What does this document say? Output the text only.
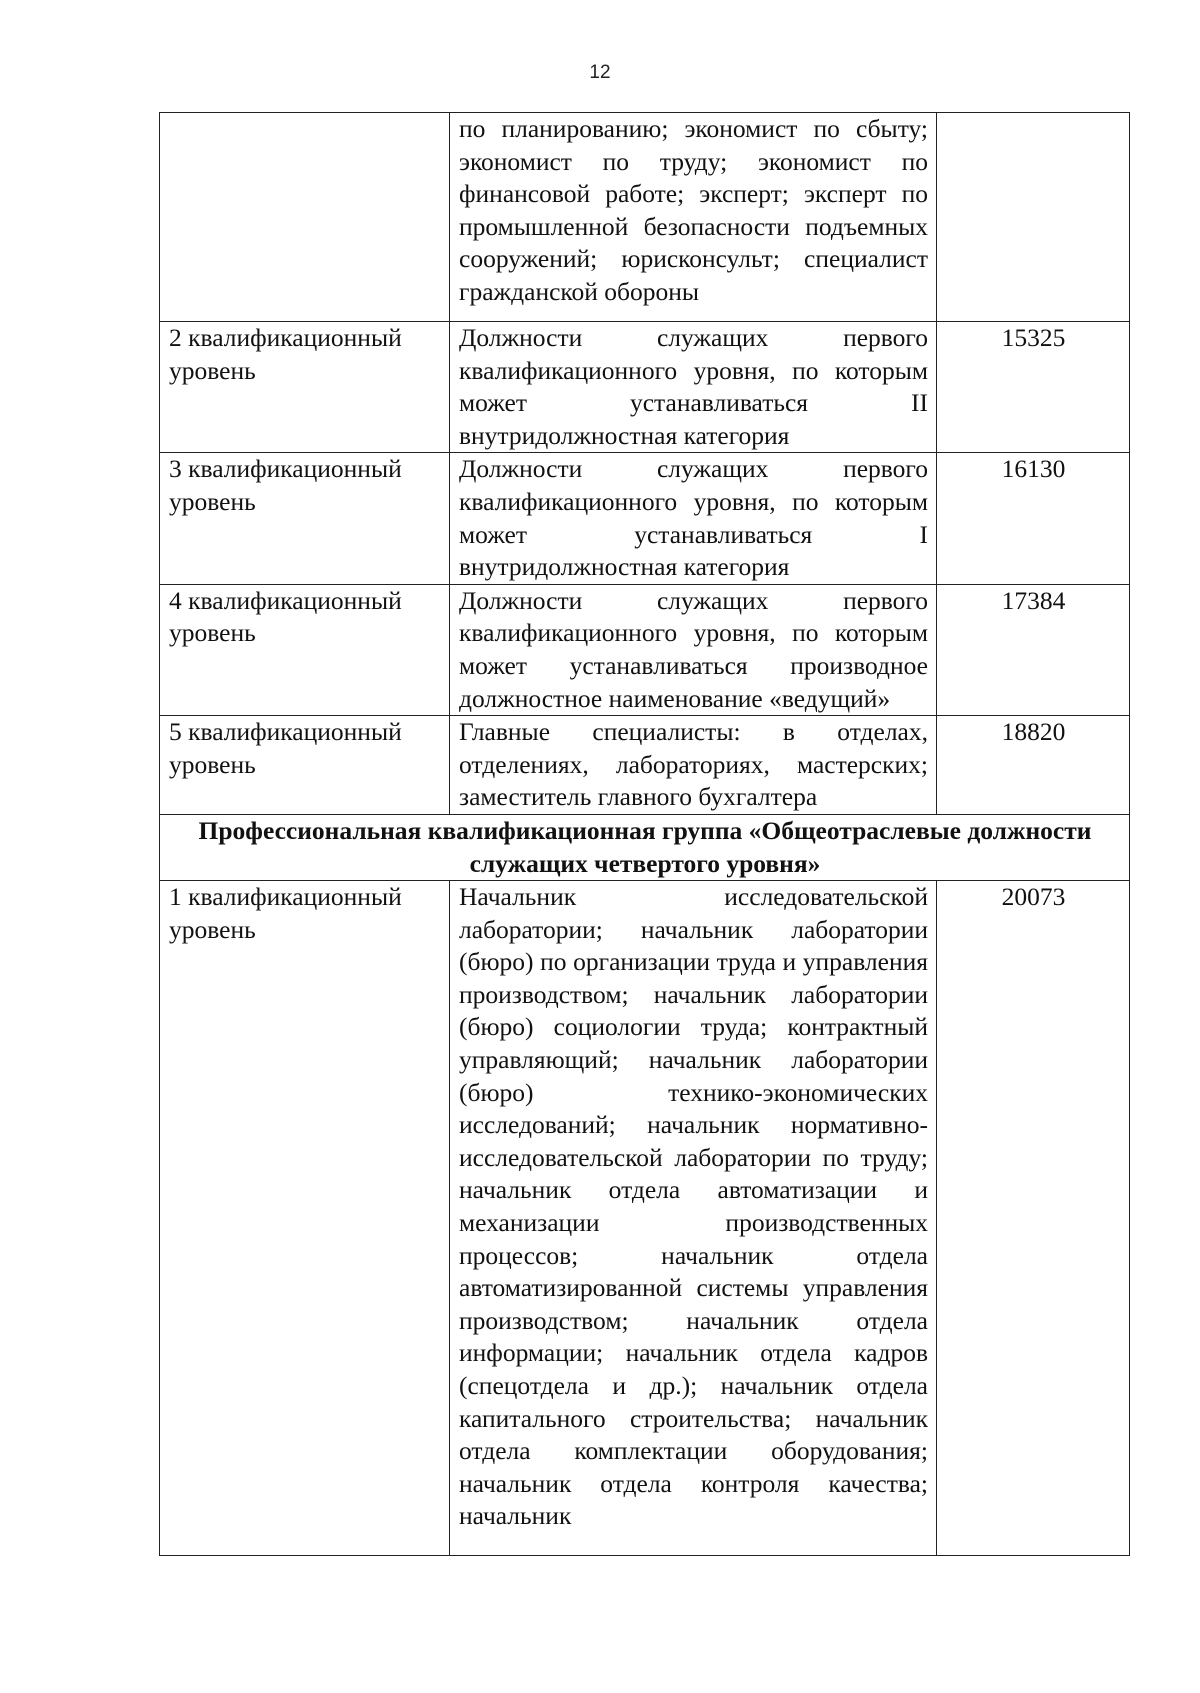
12
	по планированию; экономист по сбыту; экономист по труду; экономист по финансовой работе; эксперт; эксперт по промышленной безопасности подъемных сооружений; юрисконсульт; специалист гражданской обороны	
2 квалификационный уровень	Должности служащих первого квалификационного уровня, по которым может устанавливаться II внутридолжностная категория	15325
3 квалификационный уровень	Должности служащих первого квалификационного уровня, по которым может устанавливаться I внутридолжностная категория	16130
4 квалификационный уровень	Должности служащих первого квалификационного уровня, по которым может устанавливаться производное должностное наименование «ведущий»	17384
5 квалификационный уровень	Главные специалисты: в отделах, отделениях, лабораториях, мастерских; заместитель главного бухгалтера	18820
Профессиональная квалификационная группа «Общеотраслевые должности служащих четвертого уровня»		
1 квалификационный уровень	Начальник исследовательской лаборатории; начальник лаборатории (бюро) по организации труда и управления производством; начальник лаборатории (бюро) социологии труда; контрактный управляющий; начальник лаборатории (бюро) технико-экономических исследований; начальник нормативно-исследовательской лаборатории по труду; начальник отдела автоматизации и механизации производственных процессов; начальник отдела автоматизированной системы управления производством; начальник отдела информации; начальник отдела кадров (спецотдела и др.); начальник отдела капитального строительства; начальник отдела комплектации оборудования; начальник отдела контроля качества; начальник	20073
